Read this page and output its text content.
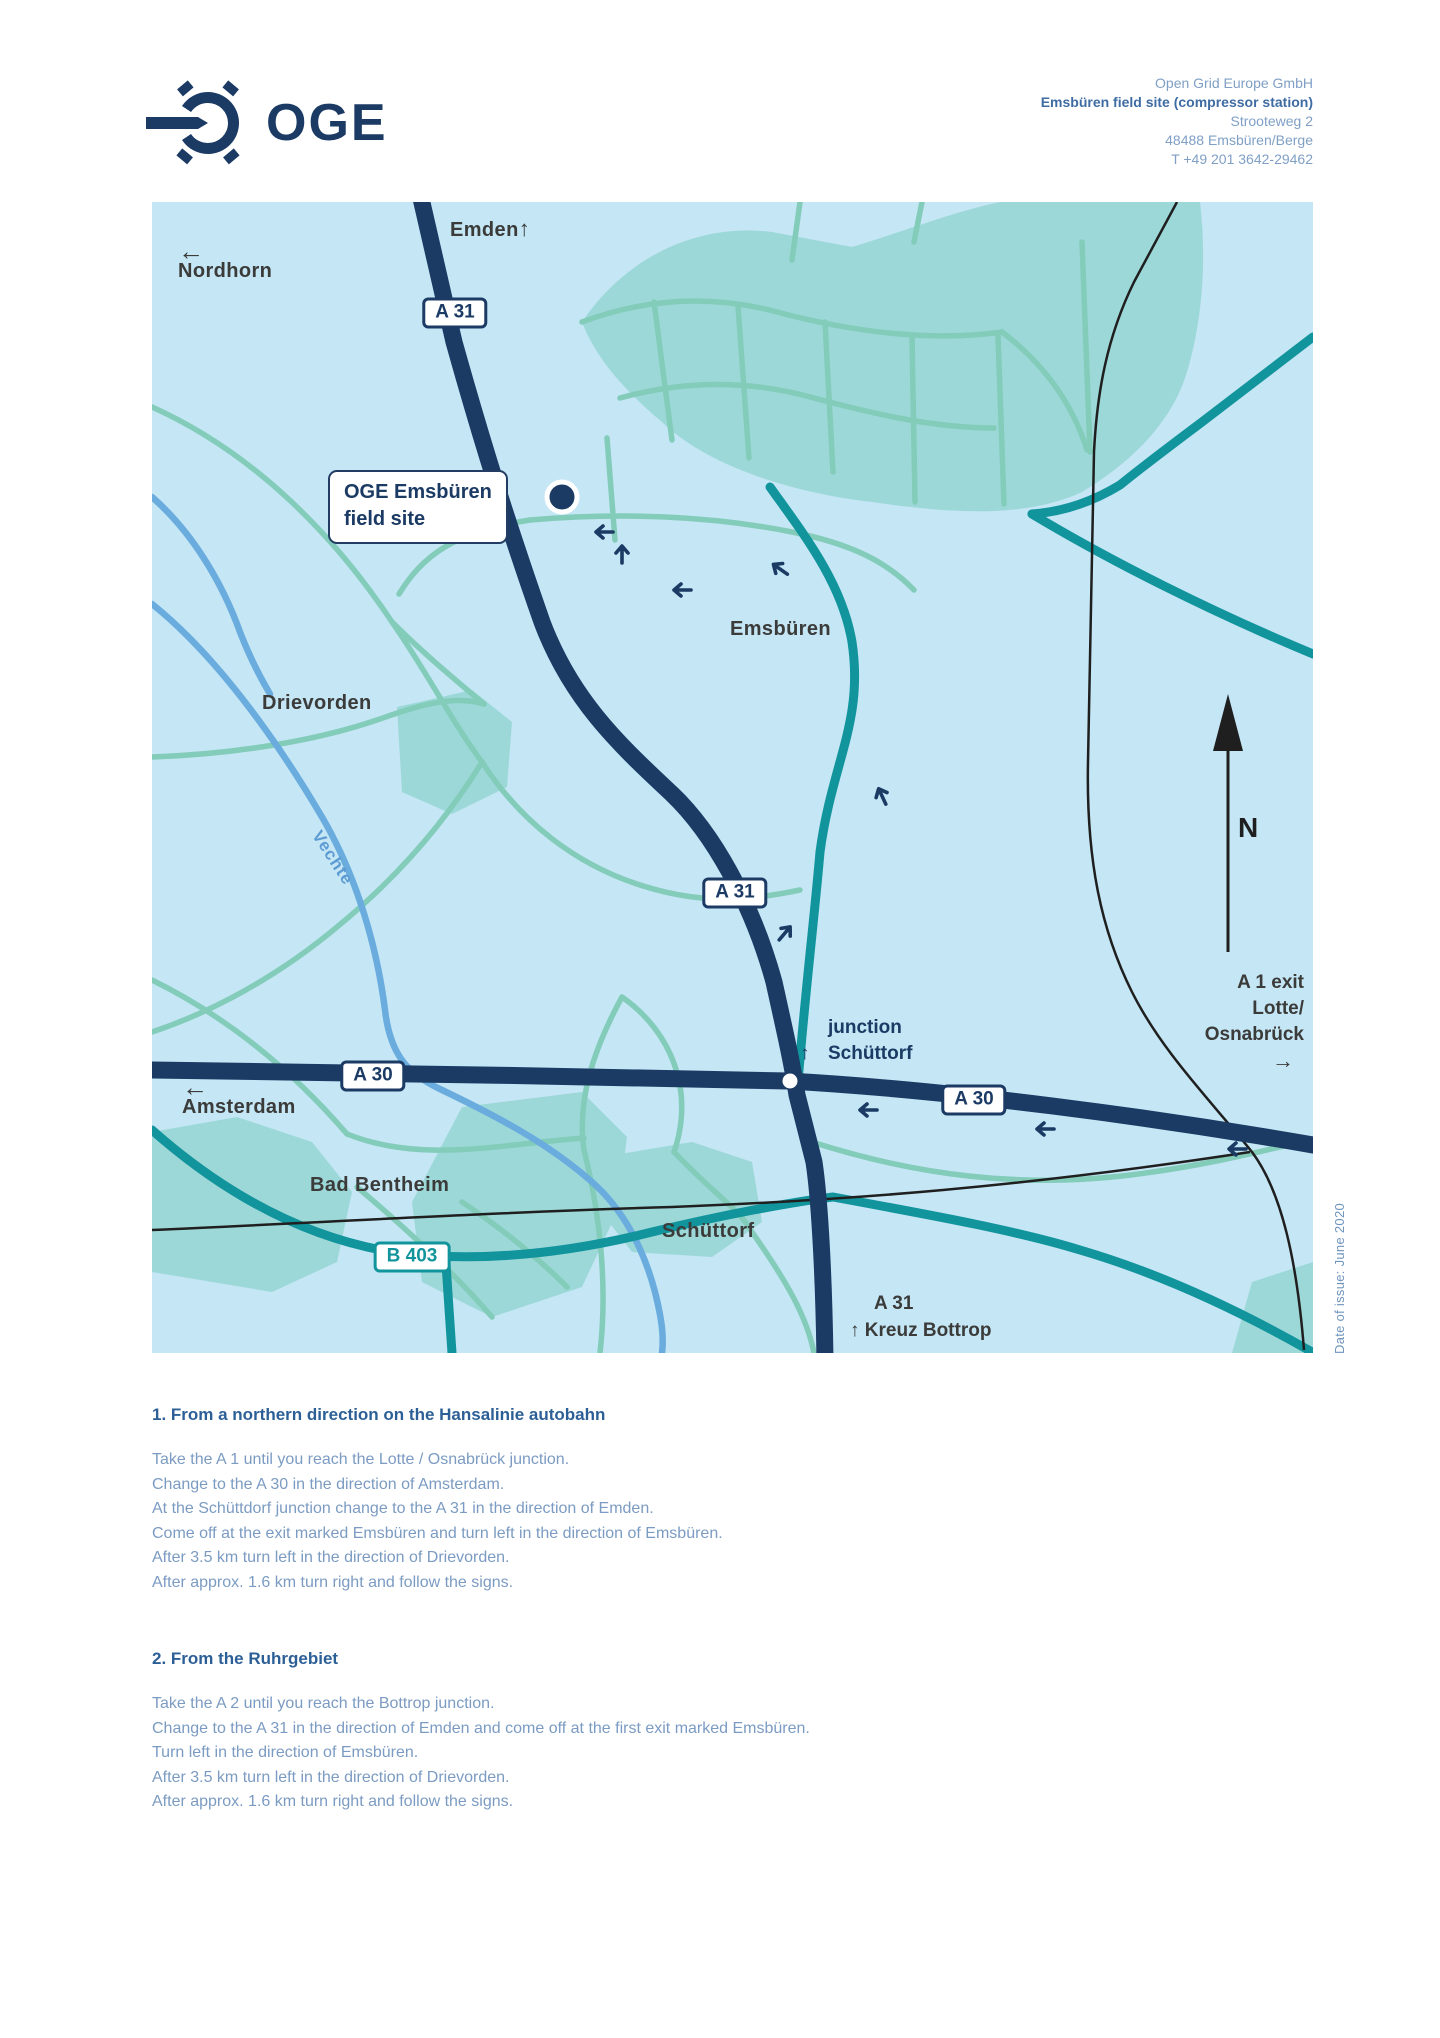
OGE
Open Grid Europe GmbH
Emsbüren field site (compressor station)
Strooteweg 2
48488 Emsbüren/Berge
T +49 201 3642-29462
Emden↑
←
Nordhorn
A 31
OGE Emsbüren
field site
Drievorden
Emsbüren
A 31
Vechte	N
junction
↑ Schüttorf
A 30
A 30
←
Amsterdam
Bad Bentheim
B 403
Schüttorf
A 31
↑ Kreuz Bottrop
A 1 exit
Lotte/
Osnabrück
→
Date of issue: June 2020
1. From a northern direction on the Hansalinie autobahn
Take the A 1 until you reach the Lotte / Osnabrück junction.
Change to the A 30 in the direction of Amsterdam.
At the Schüttdorf junction change to the A 31 in the direction of Emden.
Come off at the exit marked Emsbüren and turn left in the direction of Emsbüren.
After 3.5 km turn left in the direction of Drievorden.
After approx. 1.6 km turn right and follow the signs.
2. From the Ruhrgebiet
Take the A 2 until you reach the Bottrop junction.
Change to the A 31 in the direction of Emden and come off at the first exit marked Emsbüren.
Turn left in the direction of Emsbüren.
After 3.5 km turn left in the direction of Drievorden.
After approx. 1.6 km turn right and follow the signs.
